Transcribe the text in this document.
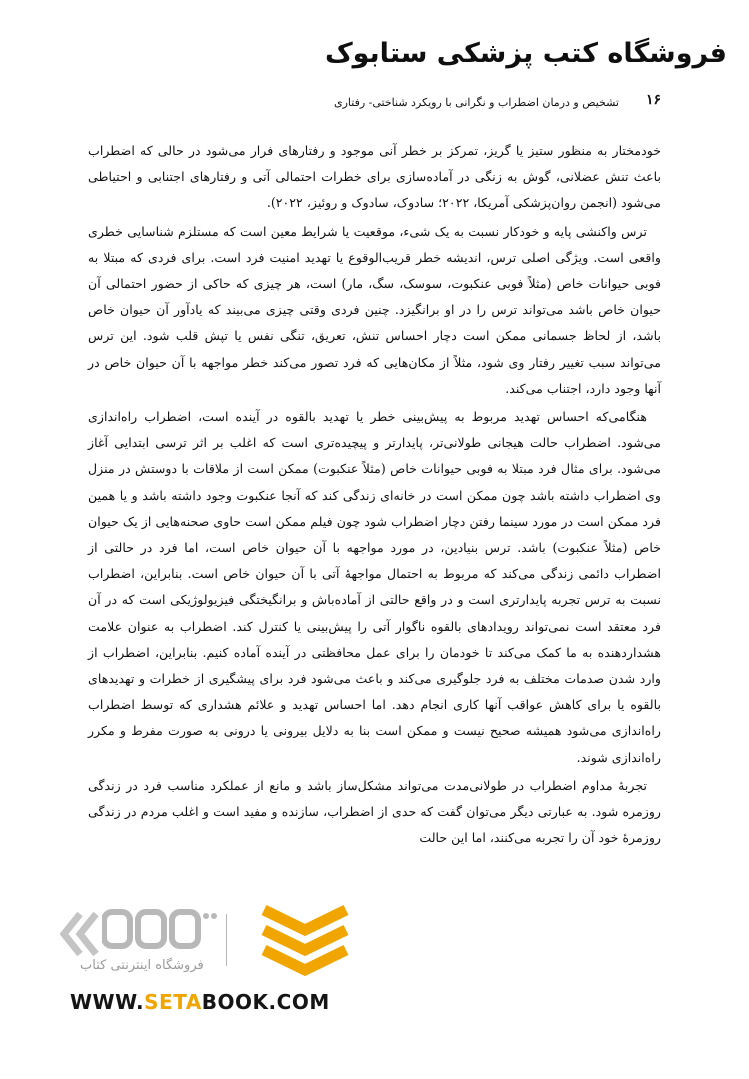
فروشگاه کتب پزشکی ستابوک
۱۶
تشخیص و درمان اضطراب و نگرانی با رویکرد شناختی- رفتاری

خودمختار به منظور ستیز یا گریز، تمرکز بر خطر آنی موجود و رفتارهای فرار می‌شود در حالی که اضطراب باعث تنش عضلانی، گوش به زنگی در آماده‌سازی برای خطرات احتمالی آتی و رفتارهای اجتنابی و احتیاطی می‌شود (انجمن روان‌پزشکی آمریکا، ۲۰۲۲؛ سادوک، سادوک و روئیز، ۲۰۲۲).

ترس واکنشی پایه و خودکار نسبت به یک شیء، موقعیت یا شرایط معین است که مستلزم شناسایی خطری واقعی است. ویژگی اصلی ترس، اندیشه خطر قریب‌الوقوع یا تهدید امنیت فرد است. برای فردی که مبتلا به فوبی حیوانات خاص (مثلاً فوبی عنکبوت، سوسک، سگ، مار) است، هر چیزی که حاکی از حضور احتمالی آن حیوان خاص باشد می‌تواند ترس را در او برانگیزد. چنین فردی وقتی چیزی می‌بیند که یادآور آن حیوان خاص باشد، از لحاظ جسمانی ممکن است دچار احساس تنش، تعریق، تنگی نفس یا تپش قلب شود. این ترس می‌تواند سبب تغییر رفتار وی شود، مثلاً از مکان‌هایی که فرد تصور می‌کند خطر مواجهه با آن حیوان خاص در آنها وجود دارد، اجتناب می‌کند.

هنگامی‌که احساس تهدید مربوط به پیش‌بینی خطر یا تهدید بالقوه در آینده است، اضطراب راه‌اندازی می‌شود. اضطراب حالت هیجانی طولانی‌تر، پایدارتر و پیچیده‌تری است که اغلب بر اثر ترسی ابتدایی آغاز می‌شود. برای مثال فرد مبتلا به فوبی حیوانات خاص (مثلاً عنکبوت) ممکن است از ملاقات با دوستش در منزل وی اضطراب داشته باشد چون ممکن است در خانه‌ای زندگی کند که آنجا عنکبوت وجود داشته باشد و یا همین فرد ممکن است در مورد سینما رفتن دچار اضطراب شود چون فیلم ممکن است حاوی صحنه‌هایی از یک حیوان خاص (مثلاً عنکبوت) باشد. ترس بنیادین، در مورد مواجهه با آن حیوان خاص است، اما فرد در حالتی از اضطراب دائمی زندگی می‌کند که مربوط به احتمال مواجههٔ آتی با آن حیوان خاص است. بنابراین، اضطراب نسبت به ترس تجربه پایدارتری است و در واقع حالتی از آماده‌باش و برانگیختگی فیزیولوژیکی است که در آن فرد معتقد است نمی‌تواند رویدادهای بالقوه ناگوار آتی را پیش‌بینی یا کنترل کند. اضطراب به عنوان علامت هشداردهنده به ما کمک می‌کند تا خودمان را برای عمل محافظتی در آینده‌ آماده کنیم. بنابراین، اضطراب از وارد شدن صدمات مختلف به فرد جلوگیری می‌کند و باعث می‌شود فرد برای پیشگیری از خطرات و تهدیدهای بالقوه یا برای کاهش عواقب آنها کاری انجام دهد. اما احساس تهدید و علائم هشداری که توسط اضطراب راه‌اندازی می‌شود همیشه صحیح نیست و ممکن است بنا به دلایل بیرونی یا درونی به صورت مفرط و مکرر راه‌اندازی شوند.

تجربهٔ مداوم اضطراب در طولانی‌مدت می‌تواند مشکل‌ساز باشد و مانع از عملکرد مناسب فرد در زندگی روزمره شود. به عبارتی دیگر می‌توان گفت که حدی از اضطراب، سازنده و مفید است و اغلب مردم در زندگی روزمرهٔ خود آن را تجربه می‌کنند، اما این حالت

فروشگاه اینترنتی کتاب
WWW.SETABOOK.COM
